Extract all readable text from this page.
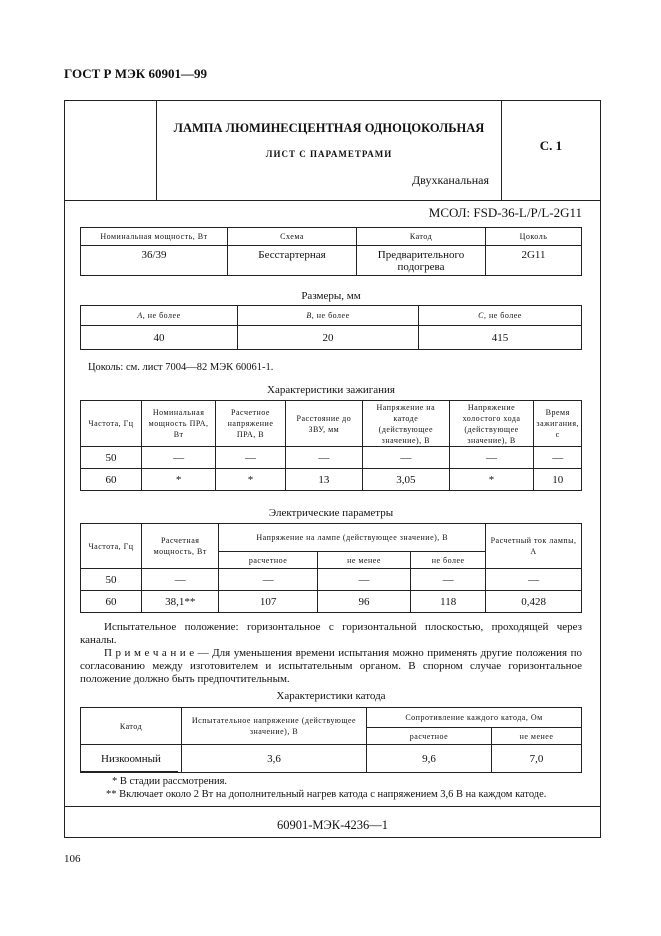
ГОСТ Р МЭК 60901—99
ЛАМПА ЛЮМИНЕСЦЕНТНАЯ ОДНОЦОКОЛЬНАЯ
ЛИСТ С ПАРАМЕТРАМИ
Двухканальная
С. 1
МСОЛ: FSD-36-L/P/L-2G11
Номинальная мощность, Вт	Схема	Катод	Цоколь
36/39	Бесстартерная	Предварительного подогрева	2G11
Размеры, мм
A, не более	B, не более	C, не более
40	20	415
Цоколь: см. лист 7004—82 МЭК 60061-1.
Характеристики зажигания
Частота, Гц	Номинальная мощность ПРА, Вт	Расчетное напряжение ПРА, В	Расстояние до ЗВУ, мм	Напряжение на катоде (действующее значение), В	Напряжение холостого хода (действующее значение), В	Время зажигания, с
50	—	—	—	—	—	—
60	*	*	13	3,05	*	10
Электрические параметры
Частота, Гц	Расчетная мощность, Вт	Напряжение на лампе (действующее значение), В			Расчетный ток лампы, А
		расчетное	не менее	не более	
50	—	—	—	—	—
60	38,1**	107	96	118	0,428
Испытательное положение: горизонтальное с горизонтальной плоскостью, проходящей через каналы.
П р и м е ч а н и е — Для уменьшения времени испытания можно применять другие положения по согласованию между изготовителем и испытательным органом. В спорном случае горизонтальное положение должно быть предпочтительным.
Характеристики катода
Катод	Испытательное напряжение (действующее значение), В	Сопротивление каждого катода, Ом	
		расчетное	не менее
Низкоомный	3,6	9,6	7,0
* В стадии рассмотрения.
** Включает около 2 Вт на дополнительный нагрев катода с напряжением 3,6 В на каждом катоде.
60901-МЭК-4236—1
106
